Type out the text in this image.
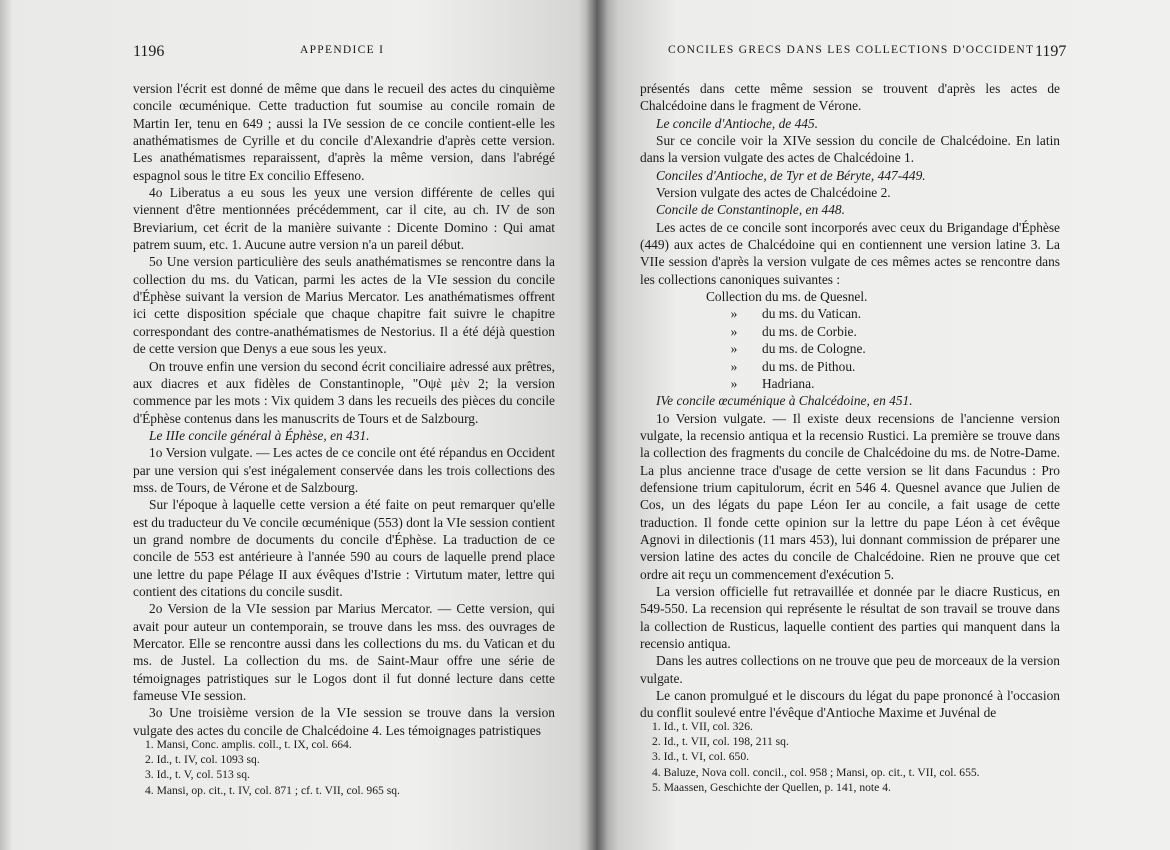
1196	APPENDICE I

version l'écrit est donné de même que dans le recueil des actes du cinquième concile œcuménique. Cette traduction fut soumise au concile romain de Martin Ier, tenu en 649 ; aussi la IVe session de ce concile contient-elle les anathématismes de Cyrille et du concile d'Alexandrie d'après cette version. Les anathématismes reparaissent, d'après la même version, dans l'abrégé espagnol sous le titre Ex concilio Effeseno.

4o Liberatus a eu sous les yeux une version différente de celles qui viennent d'être mentionnées précédemment, car il cite, au ch. IV de son Breviarium, cet écrit de la manière suivante : Dicente Domino : Qui amat patrem suum, etc. 1. Aucune autre version n'a un pareil début.

5o Une version particulière des seuls anathématismes se rencontre dans la collection du ms. du Vatican, parmi les actes de la VIe session du concile d'Éphèse suivant la version de Marius Mercator. Les anathématismes offrent ici cette disposition spéciale que chaque chapitre fait suivre le chapitre correspondant des contre-anathématismes de Nestorius. Il a été déjà question de cette version que Denys a eue sous les yeux.

On trouve enfin une version du second écrit conciliaire adressé aux prêtres, aux diacres et aux fidèles de Constantinople, "Οψὲ μὲν 2; la version commence par les mots : Vix quidem 3 dans les recueils des pièces du concile d'Éphèse contenus dans les manuscrits de Tours et de Salzbourg.

Le IIIe concile général à Éphèse, en 431.

1o Version vulgate. — Les actes de ce concile ont été répandus en Occident par une version qui s'est inégalement conservée dans les trois collections des mss. de Tours, de Vérone et de Salzbourg.

Sur l'époque à laquelle cette version a été faite on peut remarquer qu'elle est du traducteur du Ve concile œcuménique (553) dont la VIe session contient un grand nombre de documents du concile d'Éphèse. La traduction de ce concile de 553 est antérieure à l'année 590 au cours de laquelle prend place une lettre du pape Pélage II aux évêques d'Istrie : Virtutum mater, lettre qui contient des citations du concile susdit.

2o Version de la VIe session par Marius Mercator. — Cette version, qui avait pour auteur un contemporain, se trouve dans les mss. des ouvrages de Mercator. Elle se rencontre aussi dans les collections du ms. du Vatican et du ms. de Justel. La collection du ms. de Saint-Maur offre une série de témoignages patristiques sur le Logos dont il fut donné lecture dans cette fameuse VIe session.

3o Une troisième version de la VIe session se trouve dans la version vulgate des actes du concile de Chalcédoine 4. Les témoignages patristiques

1. Mansi, Conc. amplis. coll., t. IX, col. 664.
2. Id., t. IV, col. 1093 sq.
3. Id., t. V, col. 513 sq.
4. Mansi, op. cit., t. IV, col. 871 ; cf. t. VII, col. 965 sq.
CONCILES GRECS DANS LES COLLECTIONS D'OCCIDENT 1197

présentés dans cette même session se trouvent d'après les actes de Chalcédoine dans le fragment de Vérone.

Le concile d'Antioche, de 445.

Sur ce concile voir la XIVe session du concile de Chalcédoine. En latin dans la version vulgate des actes de Chalcédoine 1.

Conciles d'Antioche, de Tyr et de Béryte, 447-449.

Version vulgate des actes de Chalcédoine 2.

Concile de Constantinople, en 448.

Les actes de ce concile sont incorporés avec ceux du Brigandage d'Éphèse (449) aux actes de Chalcédoine qui en contiennent une version latine 3. La VIIe session d'après la version vulgate de ces mêmes actes se rencontre dans les collections canoniques suivantes :

Collection du ms. de Quesnel.
» du ms. du Vatican.
» du ms. de Corbie.
» du ms. de Cologne.
» du ms. de Pithou.
» Hadriana.

IVe concile œcuménique à Chalcédoine, en 451.

1o Version vulgate. — Il existe deux recensions de l'ancienne version vulgate, la recensio antiqua et la recensio Rustici. La première se trouve dans la collection des fragments du concile de Chalcédoine du ms. de Notre-Dame. La plus ancienne trace d'usage de cette version se lit dans Facundus : Pro defensione trium capitulorum, écrit en 546 4. Quesnel avance que Julien de Cos, un des légats du pape Léon Ier au concile, a fait usage de cette traduction. Il fonde cette opinion sur la lettre du pape Léon à cet évêque Agnovi in dilectionis (11 mars 453), lui donnant commission de préparer une version latine des actes du concile de Chalcédoine. Rien ne prouve que cet ordre ait reçu un commencement d'exécution 5.

La version officielle fut retravaillée et donnée par le diacre Rusticus, en 549-550. La recension qui représente le résultat de son travail se trouve dans la collection de Rusticus, laquelle contient des parties qui manquent dans la recensio antiqua.

Dans les autres collections on ne trouve que peu de morceaux de la version vulgate.

Le canon promulgué et le discours du légat du pape prononcé à l'occasion du conflit soulevé entre l'évêque d'Antioche Maxime et Juvénal de

1. Id., t. VII, col. 326.
2. Id., t. VII, col. 198, 211 sq.
3. Id., t. VI, col. 650.
4. Baluze, Nova coll. concil., col. 958 ; Mansi, op. cit., t. VII, col. 655.
5. Maassen, Geschichte der Quellen, p. 141, note 4.
